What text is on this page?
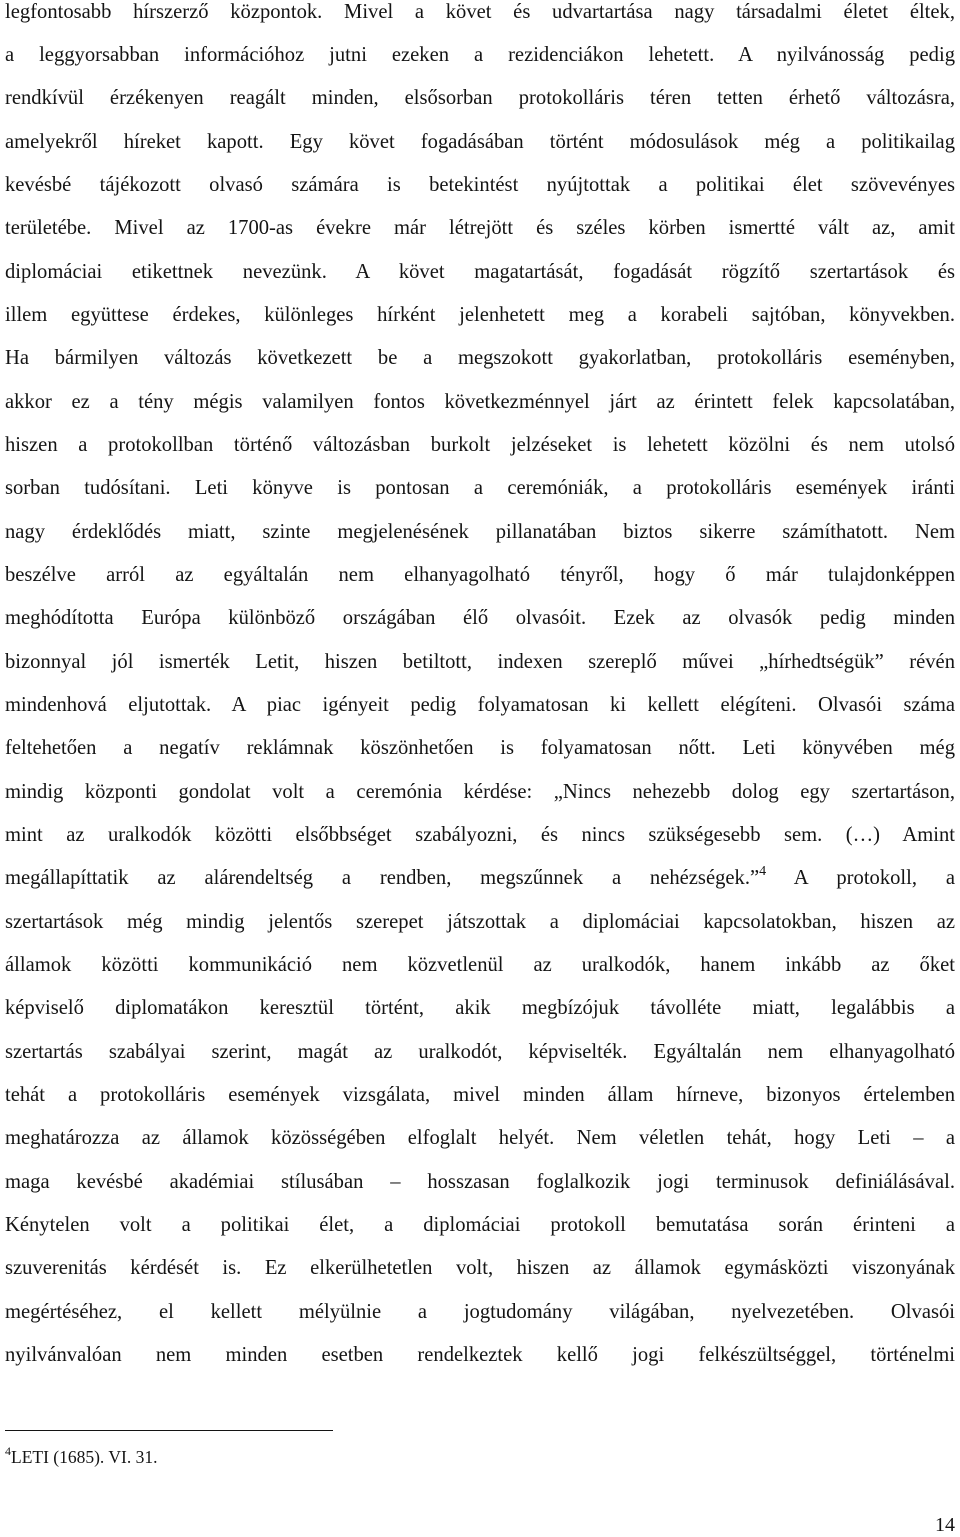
legfontosabb hírszerző központok. Mivel a követ és udvartartása nagy társadalmi életet éltek,
a leggyorsabban információhoz jutni ezeken a rezidenciákon lehetett. A nyilvánosság pedig
rendkívül érzékenyen reagált minden, elsősorban protokolláris téren tetten érhető változásra,
amelyekről híreket kapott. Egy követ fogadásában történt módosulások még a politikailag
kevésbé tájékozott olvasó számára is betekintést nyújtottak a politikai élet szövevényes
területébe. Mivel az 1700-as évekre már létrejött és széles körben ismertté vált az, amit
diplomáciai etikettnek nevezünk. A követ magatartását, fogadását rögzítő szertartások és
illem együttese érdekes, különleges hírként jelenhetett meg a korabeli sajtóban, könyvekben.
Ha bármilyen változás következett be a megszokott gyakorlatban, protokolláris eseményben,
akkor ez a tény mégis valamilyen fontos következménnyel járt az érintett felek kapcsolatában,
hiszen a protokollban történő változásban burkolt jelzéseket is lehetett közölni és nem utolsó
sorban tudósítani. Leti könyve is pontosan a ceremóniák, a protokolláris események iránti
nagy érdeklődés miatt, szinte megjelenésének pillanatában biztos sikerre számíthatott. Nem
beszélve arról az egyáltalán nem elhanyagolható tényről, hogy ő már tulajdonképpen
meghódította Európa különböző országában élő olvasóit. Ezek az olvasók pedig minden
bizonnyal jól ismerték Letit, hiszen betiltott, indexen szereplő művei „hírhedtségük” révén
mindenhová eljutottak. A piac igényeit pedig folyamatosan ki kellett elégíteni. Olvasói száma
feltehetően a negatív reklámnak köszönhetően is folyamatosan nőtt. Leti könyvében még
mindig központi gondolat volt a ceremónia kérdése: „Nincs nehezebb dolog egy szertartáson,
mint az uralkodók közötti elsőbbséget szabályozni, és nincs szükségesebb sem. (…) Amint
megállapíttatik az alárendeltség a rendben, megszűnnek a nehézségek.”$^4$ A protokoll, a
szertartások még mindig jelentős szerepet játszottak a diplomáciai kapcsolatokban, hiszen az
államok közötti kommunikáció nem közvetlenül az uralkodók, hanem inkább az őket
képviselő diplomatákon keresztül történt, akik megbízójuk távolléte miatt, legalábbis a
szertartás szabályai szerint, magát az uralkodót, képviselték. Egyáltalán nem elhanyagolható
tehát a protokolláris események vizsgálata, mivel minden állam hírneve, bizonyos értelemben
meghatározza az államok közösségében elfoglalt helyét. Nem véletlen tehát, hogy Leti – a
maga kevésbé akadémiai stílusában – hosszasan foglalkozik jogi terminusok definiálásával.
Kénytelen volt a politikai élet, a diplomáciai protokoll bemutatása során érinteni a
szuverenitás kérdését is. Ez elkerülhetetlen volt, hiszen az államok egymásközti viszonyának
megértéséhez, el kellett mélyülnie a jogtudomány világában, nyelvezetében. Olvasói
nyilvánvalóan nem minden esetben rendelkeztek kellő jogi felkészültséggel, történelmi
$^4$LETI (1685). VI. 31.
14
